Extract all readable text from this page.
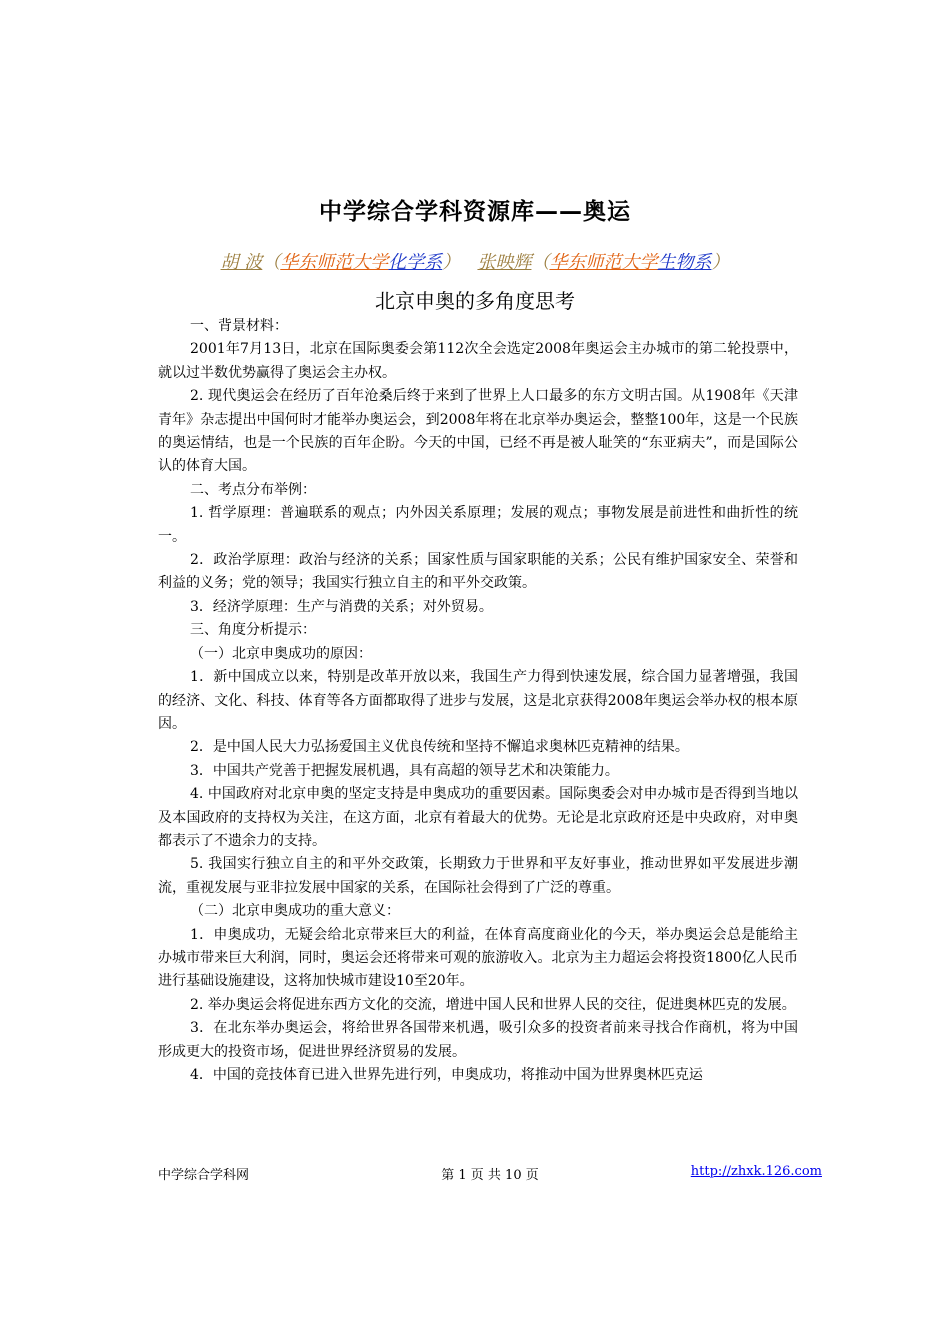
中学综合学科资源库——奥运
胡 波（华东师范大学化学系） 张映辉（华东师范大学生物系）
北京申奥的多角度思考

一、背景材料：

2001年7月13日，北京在国际奥委会第112次全会选定2008年奥运会主办城市的第二轮投票中，就以过半数优势赢得了奥运会主办权。

2. 现代奥运会在经历了百年沧桑后终于来到了世界上人口最多的东方文明古国。从1908年《天津青年》杂志提出中国何时才能举办奥运会，到2008年将在北京举办奥运会，整整100年，这是一个民族的奥运情结，也是一个民族的百年企盼。今天的中国，已经不再是被人耻笑的“东亚病夫”，而是国际公认的体育大国。

二、考点分布举例：

1. 哲学原理：普遍联系的观点；内外因关系原理；发展的观点；事物发展是前进性和曲折性的统一。

2．政治学原理：政治与经济的关系；国家性质与国家职能的关系；公民有维护国家安全、荣誉和利益的义务；党的领导；我国实行独立自主的和平外交政策。

3．经济学原理：生产与消费的关系；对外贸易。

三、角度分析提示：

（一）北京申奥成功的原因：

1．新中国成立以来，特别是改革开放以来，我国生产力得到快速发展，综合国力显著增强，我国的经济、文化、科技、体育等各方面都取得了进步与发展，这是北京获得2008年奥运会举办权的根本原因。

2．是中国人民大力弘扬爱国主义优良传统和坚持不懈追求奥林匹克精神的结果。

3．中国共产党善于把握发展机遇，具有高超的领导艺术和决策能力。

4. 中国政府对北京申奥的坚定支持是申奥成功的重要因素。国际奥委会对申办城市是否得到当地以及本国政府的支持权为关注，在这方面，北京有着最大的优势。无论是北京政府还是中央政府，对申奥都表示了不遗余力的支持。

5. 我国实行独立自主的和平外交政策，长期致力于世界和平友好事业，推动世界如平发展进步潮流，重视发展与亚非拉发展中国家的关系，在国际社会得到了广泛的尊重。

（二）北京申奥成功的重大意义：

1．申奥成功，无疑会给北京带来巨大的利益，在体育高度商业化的今天，举办奥运会总是能给主办城市带来巨大利润，同时，奥运会还将带来可观的旅游收入。北京为主力超运会将投资1800亿人民币进行基础设施建设，这将加快城市建设10至20年。

2. 举办奥运会将促进东西方文化的交流，增进中国人民和世界人民的交往，促进奥林匹克的发展。

3．在北东举办奥运会，将给世界各国带来机遇，吸引众多的投资者前来寻找合作商机，将为中国形成更大的投资市场，促进世界经济贸易的发展。

4．中国的竞技体育已进入世界先进行列，申奥成功，将推动中国为世界奥林匹克运

中学综合学科网	第 1 页 共 10 页	http://zhxk.126.com
